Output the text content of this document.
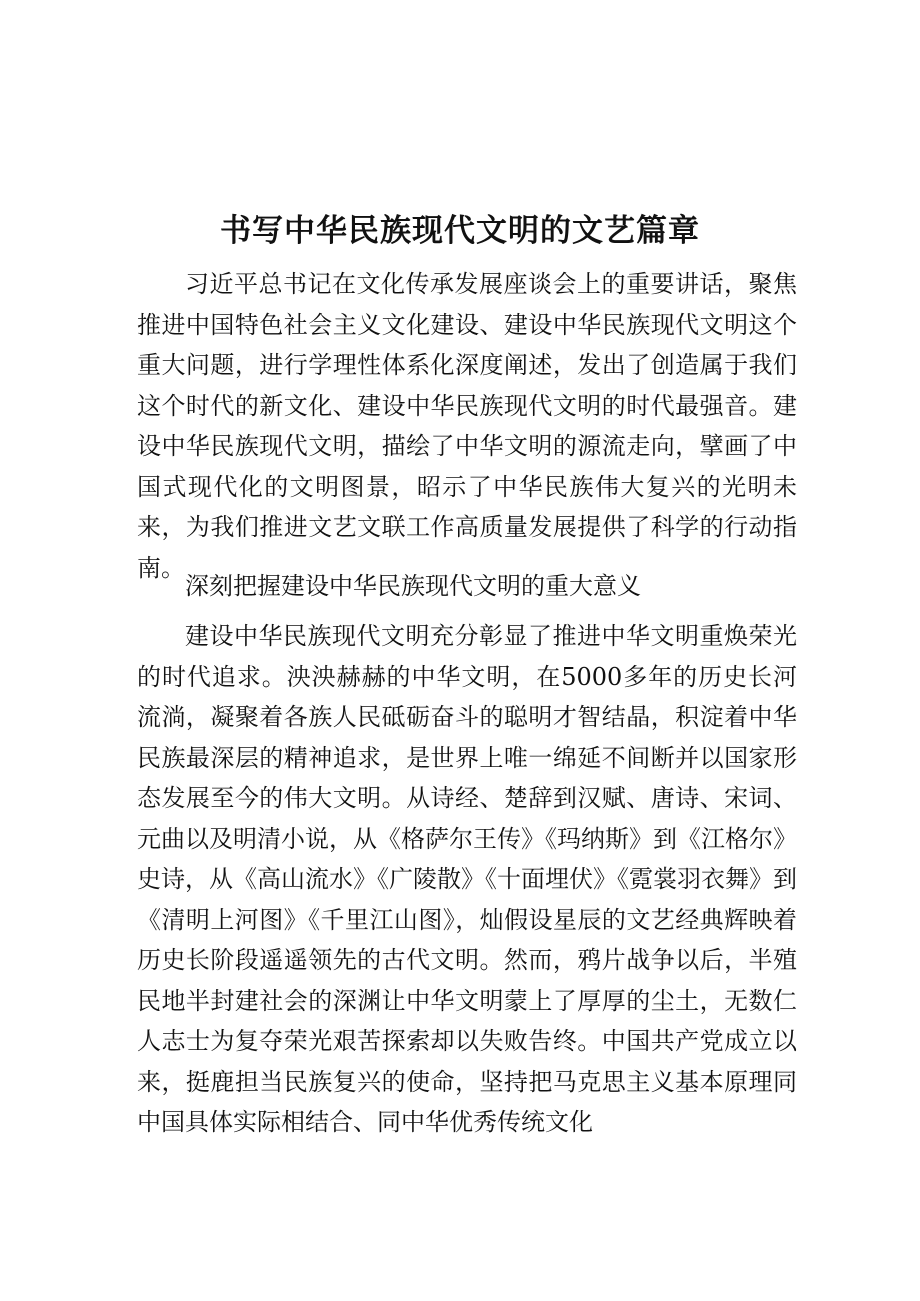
书写中华民族现代文明的文艺篇章

习近平总书记在文化传承发展座谈会上的重要讲话，聚焦推进中国特色社会主义文化建设、建设中华民族现代文明这个重大问题，进行学理性体系化深度阐述，发出了创造属于我们这个时代的新文化、建设中华民族现代文明的时代最强音。建设中华民族现代文明，描绘了中华文明的源流走向，擘画了中国式现代化的文明图景，昭示了中华民族伟大复兴的光明未来，为我们推进文艺文联工作高质量发展提供了科学的行动指南。

深刻把握建设中华民族现代文明的重大意义

建设中华民族现代文明充分彰显了推进中华文明重焕荣光的时代追求。泱泱赫赫的中华文明，在5000多年的历史长河流淌，凝聚着各族人民砥砺奋斗的聪明才智结晶，积淀着中华民族最深层的精神追求，是世界上唯一绵延不间断并以国家形态发展至今的伟大文明。从诗经、楚辞到汉赋、唐诗、宋词、元曲以及明清小说，从《格萨尔王传》《玛纳斯》到《江格尔》史诗，从《高山流水》《广陵散》《十面埋伏》《霓裳羽衣舞》到《清明上河图》《千里江山图》，灿假设星辰的文艺经典辉映着历史长阶段遥遥领先的古代文明。然而，鸦片战争以后，半殖民地半封建社会的深渊让中华文明蒙上了厚厚的尘土，无数仁人志士为复夺荣光艰苦探索却以失败告终。中国共产党成立以来，挺鹿担当民族复兴的使命，坚持把马克思主义基本原理同中国具体实际相结合、同中华优秀传统文化
